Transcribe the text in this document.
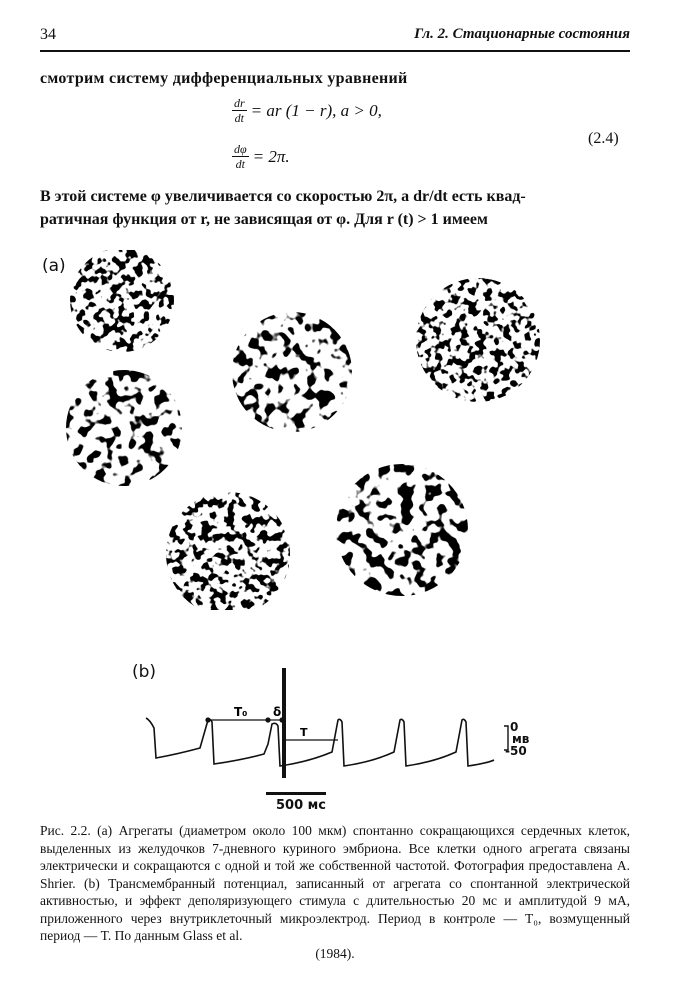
34	Гл. 2. Стационарные состояния
смотрим систему дифференциальных уравнений
$\frac{dr}{dt}$ = ar (1 − r), a > 0,
$\frac{d\varphi}{dt} = 2\pi$.
(2.4)
В этой системе φ увеличивается со скоростью 2π, а dr/dt есть квад-
ратичная функция от r, не зависящая от φ. Для r (t) > 1 имеем
(a)
(b)
T₀ δ
T	0
мв
-50
500 мс
Рис. 2.2. (а) Агрегаты (диаметром около 100 мкм) спонтанно сокращающихся сердечных клеток, выделенных из желудочков 7-дневного куриного эмбриона. Все клетки одного агрегата связаны электрически и сокращаются с одной и той же собственной частотой. Фотография предоставлена A. Shrier. (b) Трансмембранный потенциал, записанный от агрегата со спонтанной электрической активностью, и эффект деполяризующего стимула с длительностью 20 мс и амплитудой 9 мА, приложенного через внутриклеточный микроэлектрод. Период в контроле — T₀, возмущенный период — T. По данным Glass et al.
(1984).
